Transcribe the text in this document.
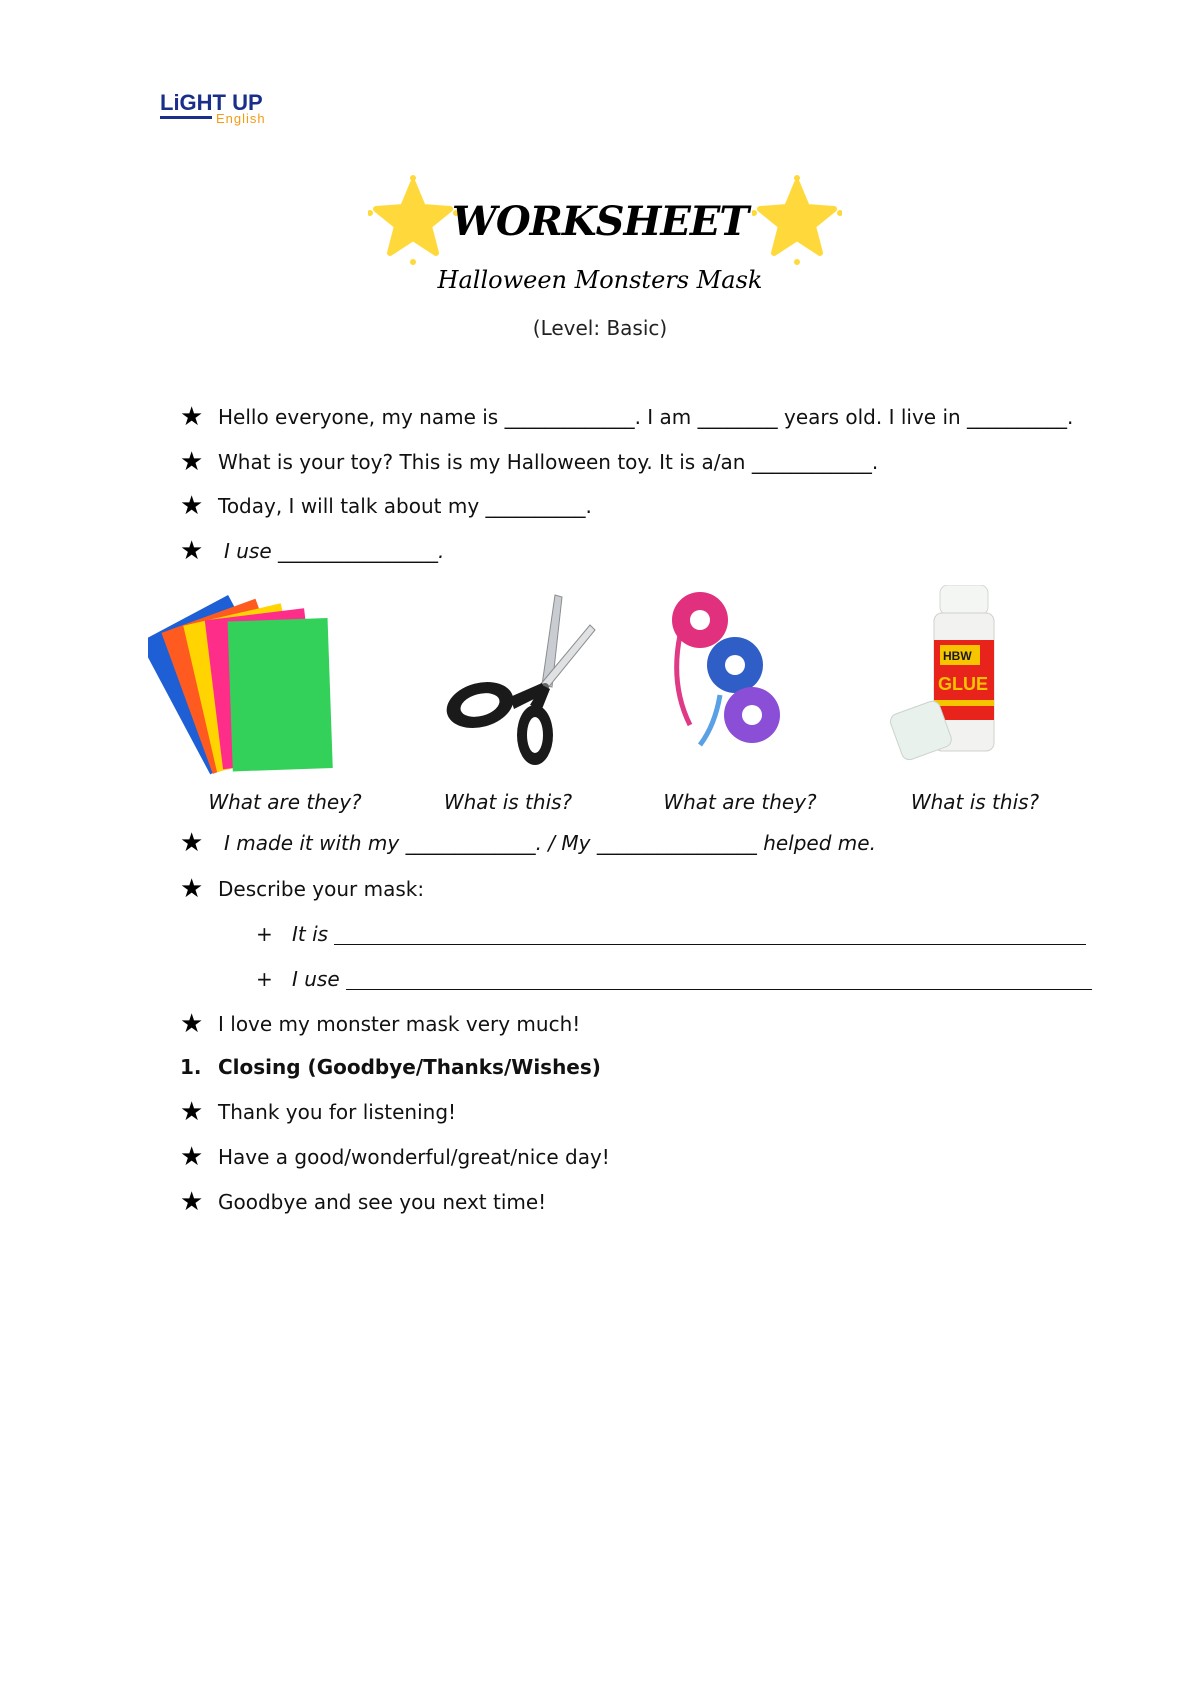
LiGHT UP
English
WORKSHEET
Halloween Monsters Mask
(Level: Basic)
★ Hello everyone, my name is _____________. I am ________ years old. I live in __________.
★ What is your toy? This is my Halloween toy. It is a/an ____________.
★ Today, I will talk about my __________.
★	I use ________________.
HBW
GLUE
What are they?	What is this?	What are they?	What is this?
★	I made it with my _____________. / My ________________ helped me.
★ Describe your mask:
+ It is
+ I use
★ I love my monster mask very much!
1. Closing (Goodbye/Thanks/Wishes)
★ Thank you for listening!
★ Have a good/wonderful/great/nice day!
★ Goodbye and see you next time!
